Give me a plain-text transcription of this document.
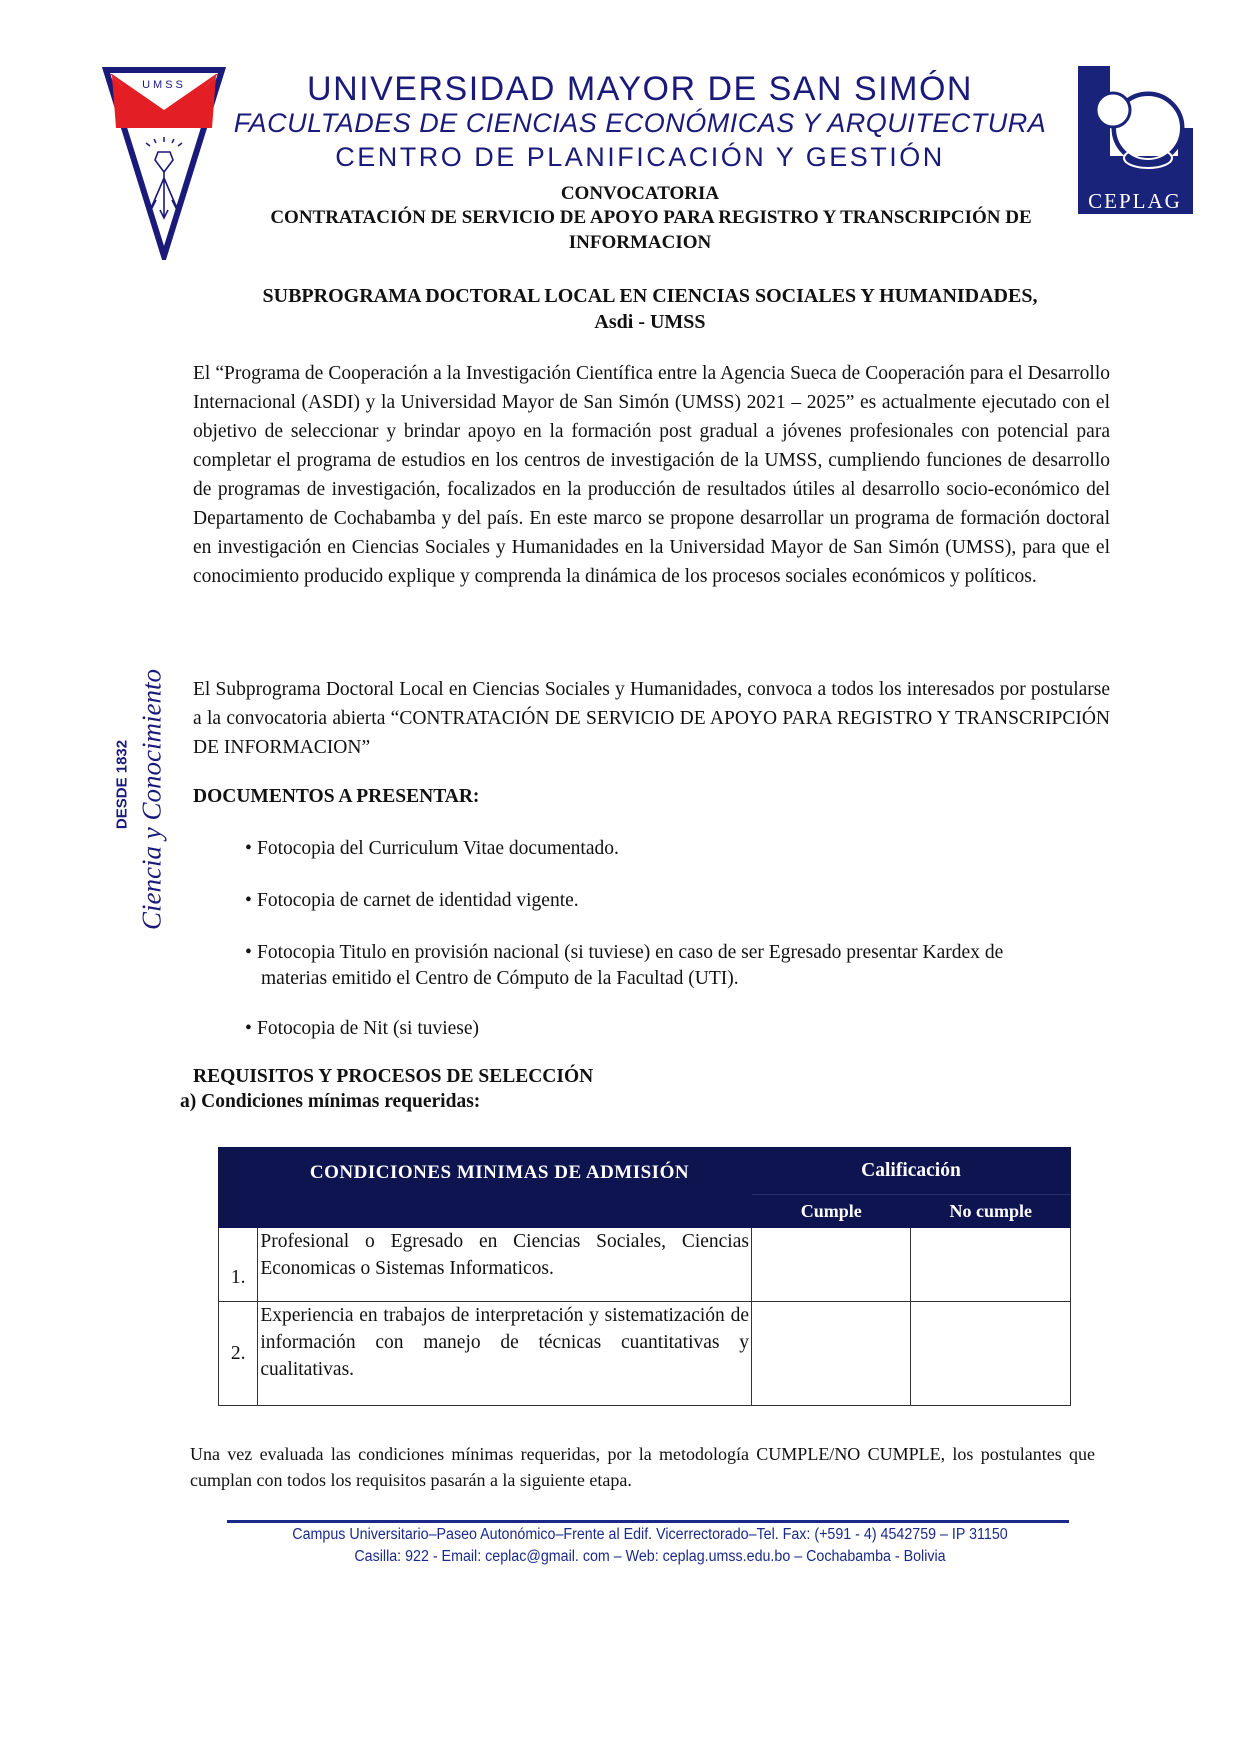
UMSS	UNIVERSIDAD MAYOR DE SAN SIMÓN
FACULTADES DE CIENCIAS ECONÓMICAS Y ARQUITECTURA
CENTRO DE PLANIFICACIÓN Y GESTIÓN
CEPLAG
CONVOCATORIA
CONTRATACIÓN DE SERVICIO DE APOYO PARA REGISTRO Y TRANSCRIPCIÓN DE
INFORMACION
SUBPROGRAMA DOCTORAL LOCAL EN CIENCIAS SOCIALES Y HUMANIDADES,
Asdi - UMSS
El “Programa de Cooperación a la Investigación Científica entre la Agencia Sueca de Cooperación para el Desarrollo Internacional (ASDI) y la Universidad Mayor de San Simón (UMSS) 2021 – 2025” es actualmente ejecutado con el objetivo de seleccionar y brindar apoyo en la formación post gradual a jóvenes profesionales con potencial para completar el programa de estudios en los centros de investigación de la UMSS, cumpliendo funciones de desarrollo de programas de investigación, focalizados en la producción de resultados útiles al desarrollo socio-económico del Departamento de Cochabamba y del país. En este marco se propone desarrollar un programa de formación doctoral en investigación en Ciencias Sociales y Humanidades en la Universidad Mayor de San Simón (UMSS), para que el conocimiento producido explique y comprenda la dinámica de los procesos sociales económicos y políticos.
El Subprograma Doctoral Local en Ciencias Sociales y Humanidades, convoca a todos los interesados por postularse a la convocatoria abierta “CONTRATACIÓN DE SERVICIO DE APOYO PARA REGISTRO Y TRANSCRIPCIÓN DE INFORMACION”
Ciencia y Conocimiento
DESDE 1832	DOCUMENTOS A PRESENTAR:
• Fotocopia del Curriculum Vitae documentado.
• Fotocopia de carnet de identidad vigente.
• Fotocopia Titulo en provisión nacional (si tuviese) en caso de ser Egresado presentar Kardex de
materias emitido el Centro de Cómputo de la Facultad (UTI).
• Fotocopia de Nit (si tuviese)
REQUISITOS Y PROCESOS DE SELECCIÓN
a) Condiciones mínimas requeridas:
CONDICIONES MINIMAS DE ADMISIÓN		Calificación	
		Cumple	No cumple
1.	Profesional o Egresado en Ciencias Sociales, Ciencias Economicas o Sistemas Informaticos.		
2.	Experiencia en trabajos de interpretación y sistematización de información con manejo de técnicas cuantitativas y cualitativas.		
Una vez evaluada las condiciones mínimas requeridas, por la metodología CUMPLE/NO CUMPLE, los postulantes que cumplan con todos los requisitos pasarán a la siguiente etapa.
Campus Universitario–Paseo Autonómico–Frente al Edif. Vicerrectorado–Tel. Fax: (+591 - 4) 4542759 – IP 31150
Casilla: 922 - Email: ceplac@gmail. com – Web: ceplag.umss.edu.bo – Cochabamba - Bolivia
